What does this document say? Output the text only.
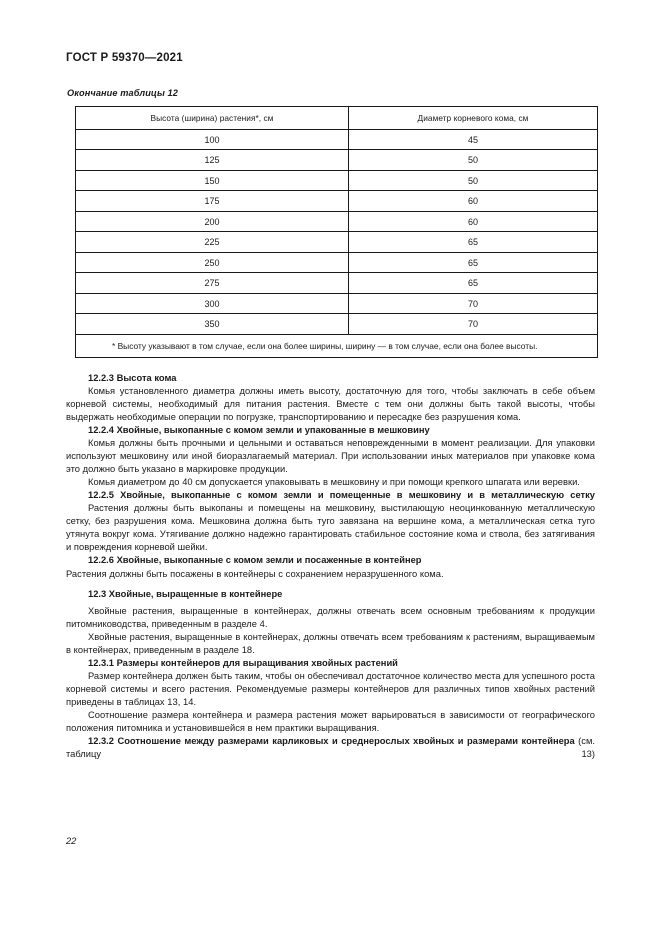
ГОСТ Р 59370—2021
Окончание таблицы 12
Высота (ширина) растения*, см	Диаметр корневого кома, см
100	45
125	50
150	50
175	60
200	60
225	65
250	65
275	65
300	70
350	70
* Высоту указывают в том случае, если она более ширины, ширину — в том случае, если она более высоты.	
12.2.3 Высота кома

Комья установленного диаметра должны иметь высоту, достаточную для того, чтобы заключать в себе объем корневой системы, необходимый для питания растения. Вместе с тем они должны быть такой высоты, чтобы выдержать необходимые операции по погрузке, транспортированию и пересадке без разрушения кома.

12.2.4 Хвойные, выкопанные с комом земли и упакованные в мешковину

Комья должны быть прочными и цельными и оставаться неповрежденными в момент реализации. Для упаковки используют мешковину или иной биоразлагаемый материал. При использовании иных материалов при упаковке кома это должно быть указано в маркировке продукции.

Комья диаметром до 40 см допускается упаковывать в мешковину и при помощи крепкого шпагата или веревки.

12.2.5 Хвойные, выкопанные с комом земли и помещенные в мешковину и в металлическую сетку

Растения должны быть выкопаны и помещены на мешковину, выстилающую неоцинкованную металлическую сетку, без разрушения кома. Мешковина должна быть туго завязана на вершине кома, а металлическая сетка туго утянута вокруг кома. Утягивание должно надежно гарантировать стабильное состояние кома и ствола, без затягивания и повреждения корневой шейки.

12.2.6 Хвойные, выкопанные с комом земли и посаженные в контейнер

Растения должны быть посажены в контейнеры с сохранением неразрушенного кома.

12.3 Хвойные, выращенные в контейнере

Хвойные растения, выращенные в контейнерах, должны отвечать всем основным требованиям к продукции питомниководства, приведенным в разделе 4.

Хвойные растения, выращенные в контейнерах, должны отвечать всем требованиям к растениям, выращиваемым в контейнерах, приведенным в разделе 18.

12.3.1 Размеры контейнеров для выращивания хвойных растений

Размер контейнера должен быть таким, чтобы он обеспечивал достаточное количество места для успешного роста корневой системы и всего растения. Рекомендуемые размеры контейнеров для различных типов хвойных растений приведены в таблицах 13, 14.

Соотношение размера контейнера и размера растения может варьироваться в зависимости от географического положения питомника и установившейся в нем практики выращивания.

12.3.2 Соотношение между размерами карликовых и среднерослых хвойных и размерами контейнера (см. таблицу 13)
22
